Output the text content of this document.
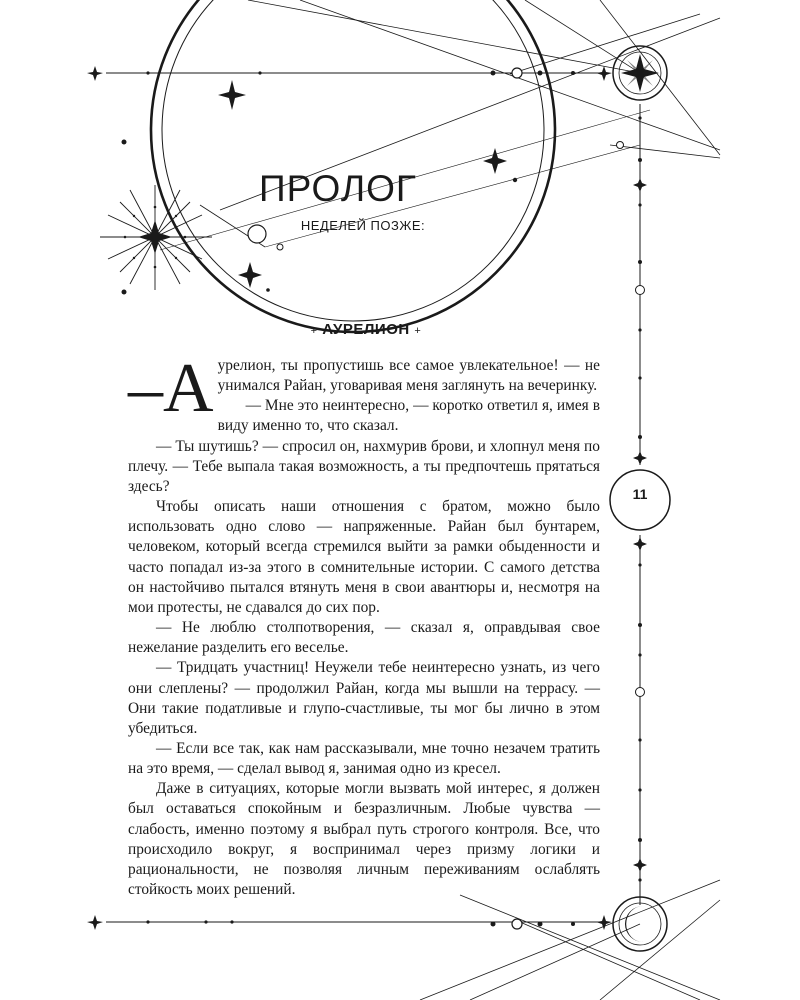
ПРОЛОГ
НЕДЕЛЕЙ ПОЗЖЕ:
+ АУРЕЛИОН +
11

–А урелион, ты пропустишь все самое увлекательное! — не унимался Райан, уговаривая меня заглянуть на вечеринку.

— Мне это неинтересно, — коротко ответил я, имея в виду именно то, что сказал.

— Ты шутишь? — спросил он, нахмурив брови, и хлопнул меня по плечу. — Тебе выпала такая возможность, а ты предпочтешь прятаться здесь?

Чтобы описать наши отношения с братом, можно было использовать одно слово — напряженные. Райан был бунтарем, человеком, который всегда стремился выйти за рамки обыденности и часто попадал из-за этого в сомнительные истории. С самого детства он настойчиво пытался втянуть меня в свои авантюры и, несмотря на мои протесты, не сдавался до сих пор.

— Не люблю столпотворения, — сказал я, оправдывая свое нежелание разделить его веселье.

— Тридцать участниц! Неужели тебе неинтересно узнать, из чего они слеплены? — продолжил Райан, когда мы вышли на террасу. — Они такие податливые и глупо-счастливые, ты мог бы лично в этом убедиться.

— Если все так, как нам рассказывали, мне точно незачем тратить на это время, — сделал вывод я, занимая одно из кресел.

Даже в ситуациях, которые могли вызвать мой интерес, я должен был оставаться спокойным и безразличным. Любые чувства — слабость, именно поэтому я выбрал путь строгого контроля. Все, что происходило вокруг, я воспринимал через призму логики и рациональности, не позволяя личным переживаниям ослаблять стойкость моих решений.
